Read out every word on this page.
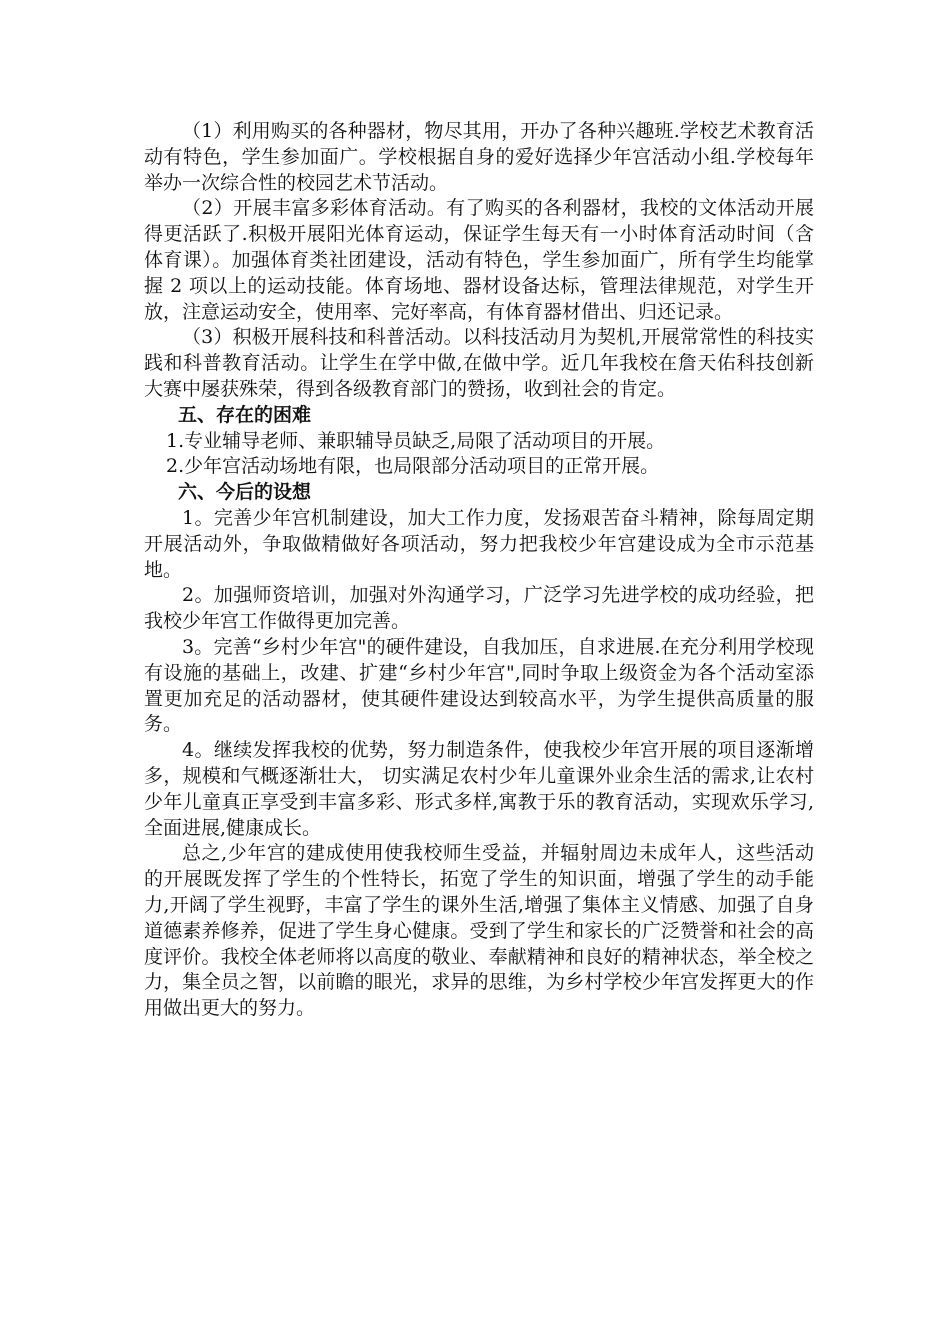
（1）利用购买的各种器材，物尽其用，开办了各种兴趣班.学校艺术教育活动有特色，学生参加面广。学校根据自身的爱好选择少年宫活动小组.学校每年举办一次综合性的校园艺术节活动。

（2）开展丰富多彩体育活动。有了购买的各利器材，我校的文体活动开展得更活跃了.积极开展阳光体育运动，保证学生每天有一小时体育活动时间（含体育课）。加强体育类社团建设，活动有特色，学生参加面广，所有学生均能掌握 2 项以上的运动技能。体育场地、器材设备达标，管理法律规范，对学生开放，注意运动安全，使用率、完好率高，有体育器材借出、归还记录。

（3）积极开展科技和科普活动。以科技活动月为契机,开展常常性的科技实践和科普教育活动。让学生在学中做,在做中学。近几年我校在詹天佑科技创新大赛中屡获殊荣，得到各级教育部门的赞扬，收到社会的肯定。

五、存在的困难

1.专业辅导老师、兼职辅导员缺乏,局限了活动项目的开展。

2.少年宫活动场地有限，也局限部分活动项目的正常开展。

六、今后的设想

1。完善少年宫机制建设，加大工作力度，发扬艰苦奋斗精神，除每周定期开展活动外，争取做精做好各项活动，努力把我校少年宫建设成为全市示范基地。

2。加强师资培训，加强对外沟通学习，广泛学习先进学校的成功经验，把我校少年宫工作做得更加完善。

3。完善“乡村少年宫"的硬件建设，自我加压，自求进展.在充分利用学校现有设施的基础上，改建、扩建“乡村少年宫",同时争取上级资金为各个活动室添置更加充足的活动器材，使其硬件建设达到较高水平，为学生提供高质量的服务。

4。继续发挥我校的优势，努力制造条件，使我校少年宫开展的项目逐渐增多，规模和气概逐渐壮大， 切实满足农村少年儿童课外业余生活的需求,让农村少年儿童真正享受到丰富多彩、形式多样,寓教于乐的教育活动，实现欢乐学习,全面进展,健康成长。

总之,少年宫的建成使用使我校师生受益，并辐射周边未成年人，这些活动的开展既发挥了学生的个性特长，拓宽了学生的知识面，增强了学生的动手能力,开阔了学生视野，丰富了学生的课外生活,增强了集体主义情感、加强了自身道德素养修养，促进了学生身心健康。受到了学生和家长的广泛赞誉和社会的高度评价。我校全体老师将以高度的敬业、奉献精神和良好的精神状态，举全校之力，集全员之智，以前瞻的眼光，求异的思维，为乡村学校少年宫发挥更大的作用做出更大的努力。
